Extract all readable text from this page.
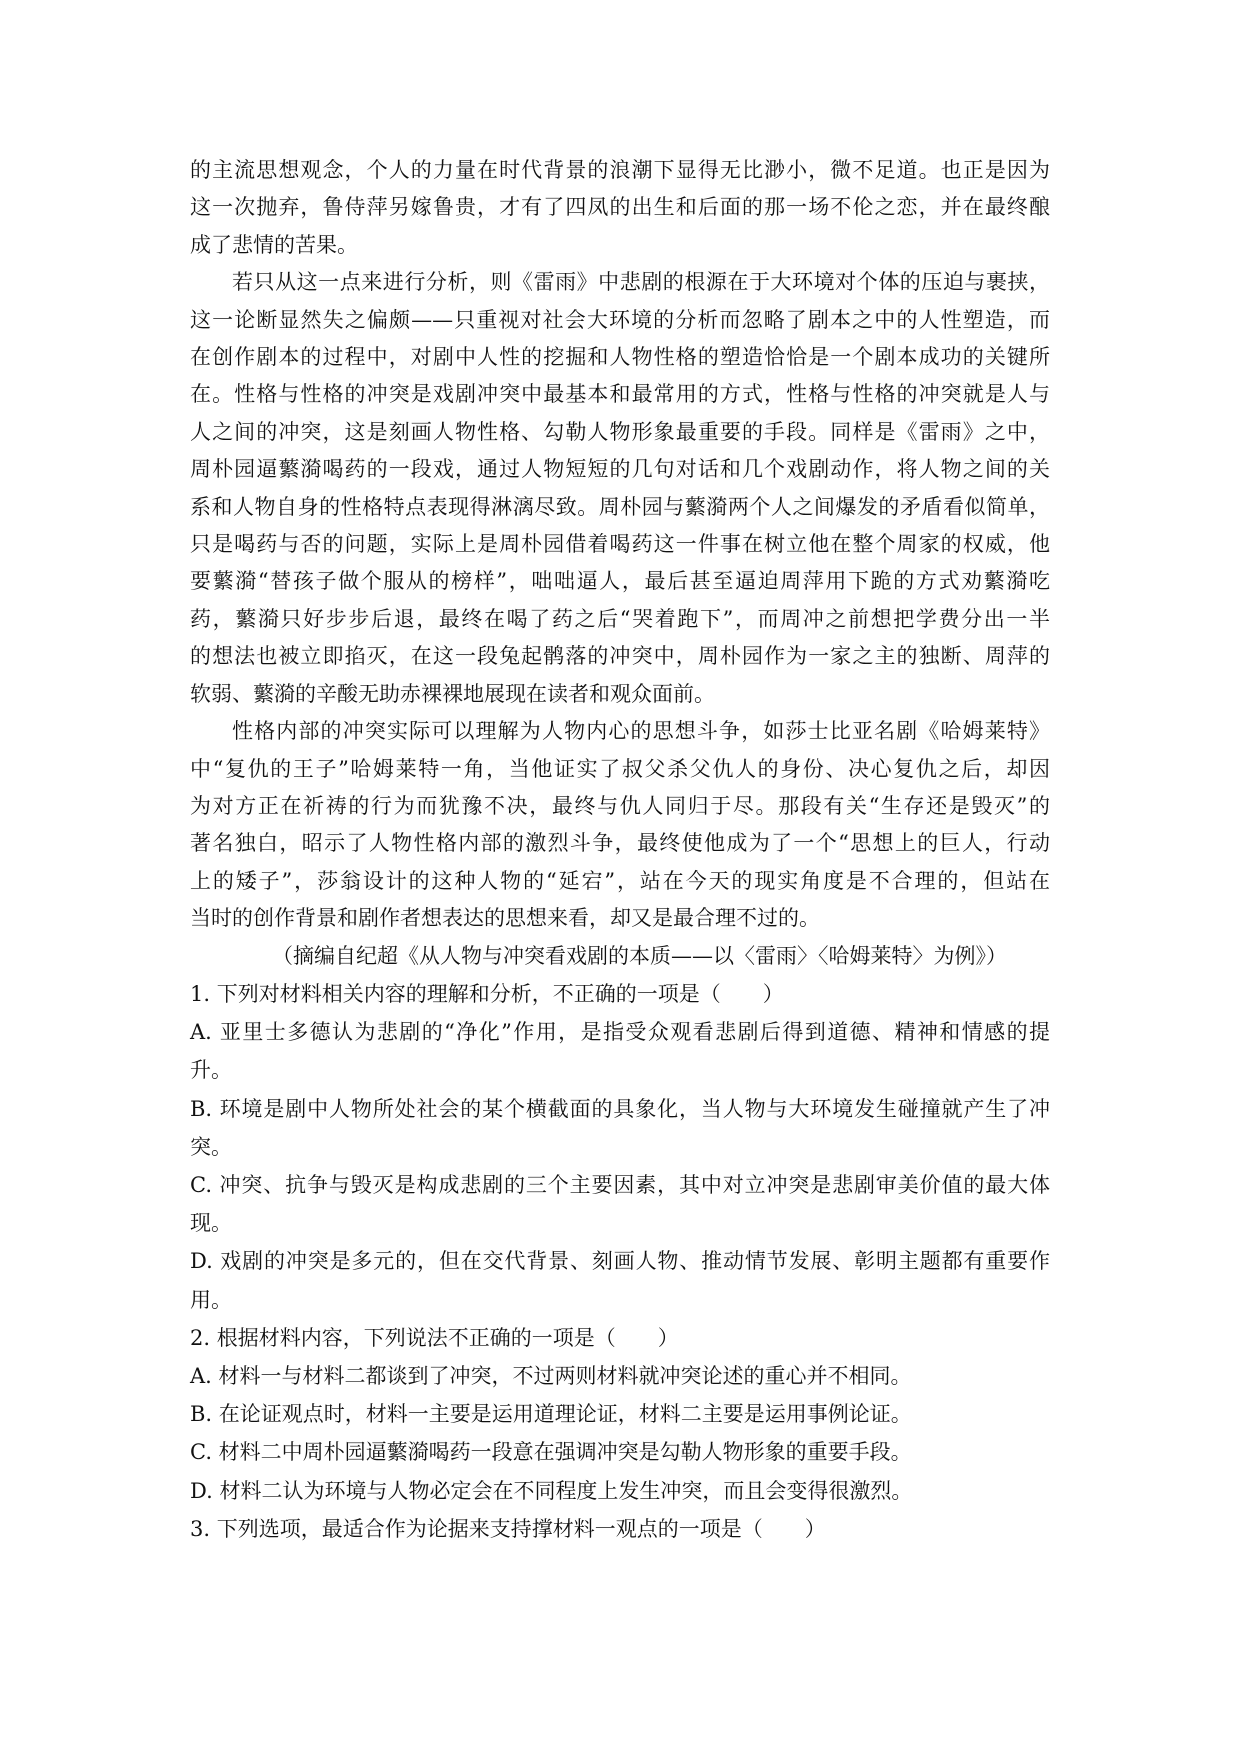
的主流思想观念，个人的力量在时代背景的浪潮下显得无比渺小，微不足道。也正是因为
这一次抛弃，鲁侍萍另嫁鲁贵，才有了四凤的出生和后面的那一场不伦之恋，并在最终酿
成了悲情的苦果。
若只从这一点来进行分析，则《雷雨》中悲剧的根源在于大环境对个体的压迫与裹挟，
这一论断显然失之偏颇——只重视对社会大环境的分析而忽略了剧本之中的人性塑造，而
在创作剧本的过程中，对剧中人性的挖掘和人物性格的塑造恰恰是一个剧本成功的关键所
在。性格与性格的冲突是戏剧冲突中最基本和最常用的方式，性格与性格的冲突就是人与
人之间的冲突，这是刻画人物性格、勾勒人物形象最重要的手段。同样是《雷雨》之中，
周朴园逼蘩漪喝药的一段戏，通过人物短短的几句对话和几个戏剧动作，将人物之间的关
系和人物自身的性格特点表现得淋漓尽致。周朴园与蘩漪两个人之间爆发的矛盾看似简单，
只是喝药与否的问题，实际上是周朴园借着喝药这一件事在树立他在整个周家的权威，他
要蘩漪“替孩子做个服从的榜样”，咄咄逼人，最后甚至逼迫周萍用下跪的方式劝蘩漪吃
药，蘩漪只好步步后退，最终在喝了药之后“哭着跑下”，而周冲之前想把学费分出一半
的想法也被立即掐灭，在这一段兔起鹘落的冲突中，周朴园作为一家之主的独断、周萍的
软弱、蘩漪的辛酸无助赤裸裸地展现在读者和观众面前。
性格内部的冲突实际可以理解为人物内心的思想斗争，如莎士比亚名剧《哈姆莱特》
中“复仇的王子”哈姆莱特一角，当他证实了叔父杀父仇人的身份、决心复仇之后，却因
为对方正在祈祷的行为而犹豫不决，最终与仇人同归于尽。那段有关“生存还是毁灭”的
著名独白，昭示了人物性格内部的激烈斗争，最终使他成为了一个“思想上的巨人，行动
上的矮子”，莎翁设计的这种人物的“延宕”，站在今天的现实角度是不合理的，但站在
当时的创作背景和剧作者想表达的思想来看，却又是最合理不过的。
（摘编自纪超《从人物与冲突看戏剧的本质——以〈雷雨〉〈哈姆莱特〉为例》）
1. 下列对材料相关内容的理解和分析，不正确的一项是（　　）
A. 亚里士多德认为悲剧的“净化”作用，是指受众观看悲剧后得到道德、精神和情感的提
升。
B. 环境是剧中人物所处社会的某个横截面的具象化，当人物与大环境发生碰撞就产生了冲
突。
C. 冲突、抗争与毁灭是构成悲剧的三个主要因素，其中对立冲突是悲剧审美价值的最大体
现。
D. 戏剧的冲突是多元的，但在交代背景、刻画人物、推动情节发展、彰明主题都有重要作
用。
2. 根据材料内容，下列说法不正确的一项是（　　）
A. 材料一与材料二都谈到了冲突，不过两则材料就冲突论述的重心并不相同。
B. 在论证观点时，材料一主要是运用道理论证，材料二主要是运用事例论证。
C. 材料二中周朴园逼蘩漪喝药一段意在强调冲突是勾勒人物形象的重要手段。
D. 材料二认为环境与人物必定会在不同程度上发生冲突，而且会变得很激烈。
3. 下列选项，最适合作为论据来支持撑材料一观点的一项是（　　）
